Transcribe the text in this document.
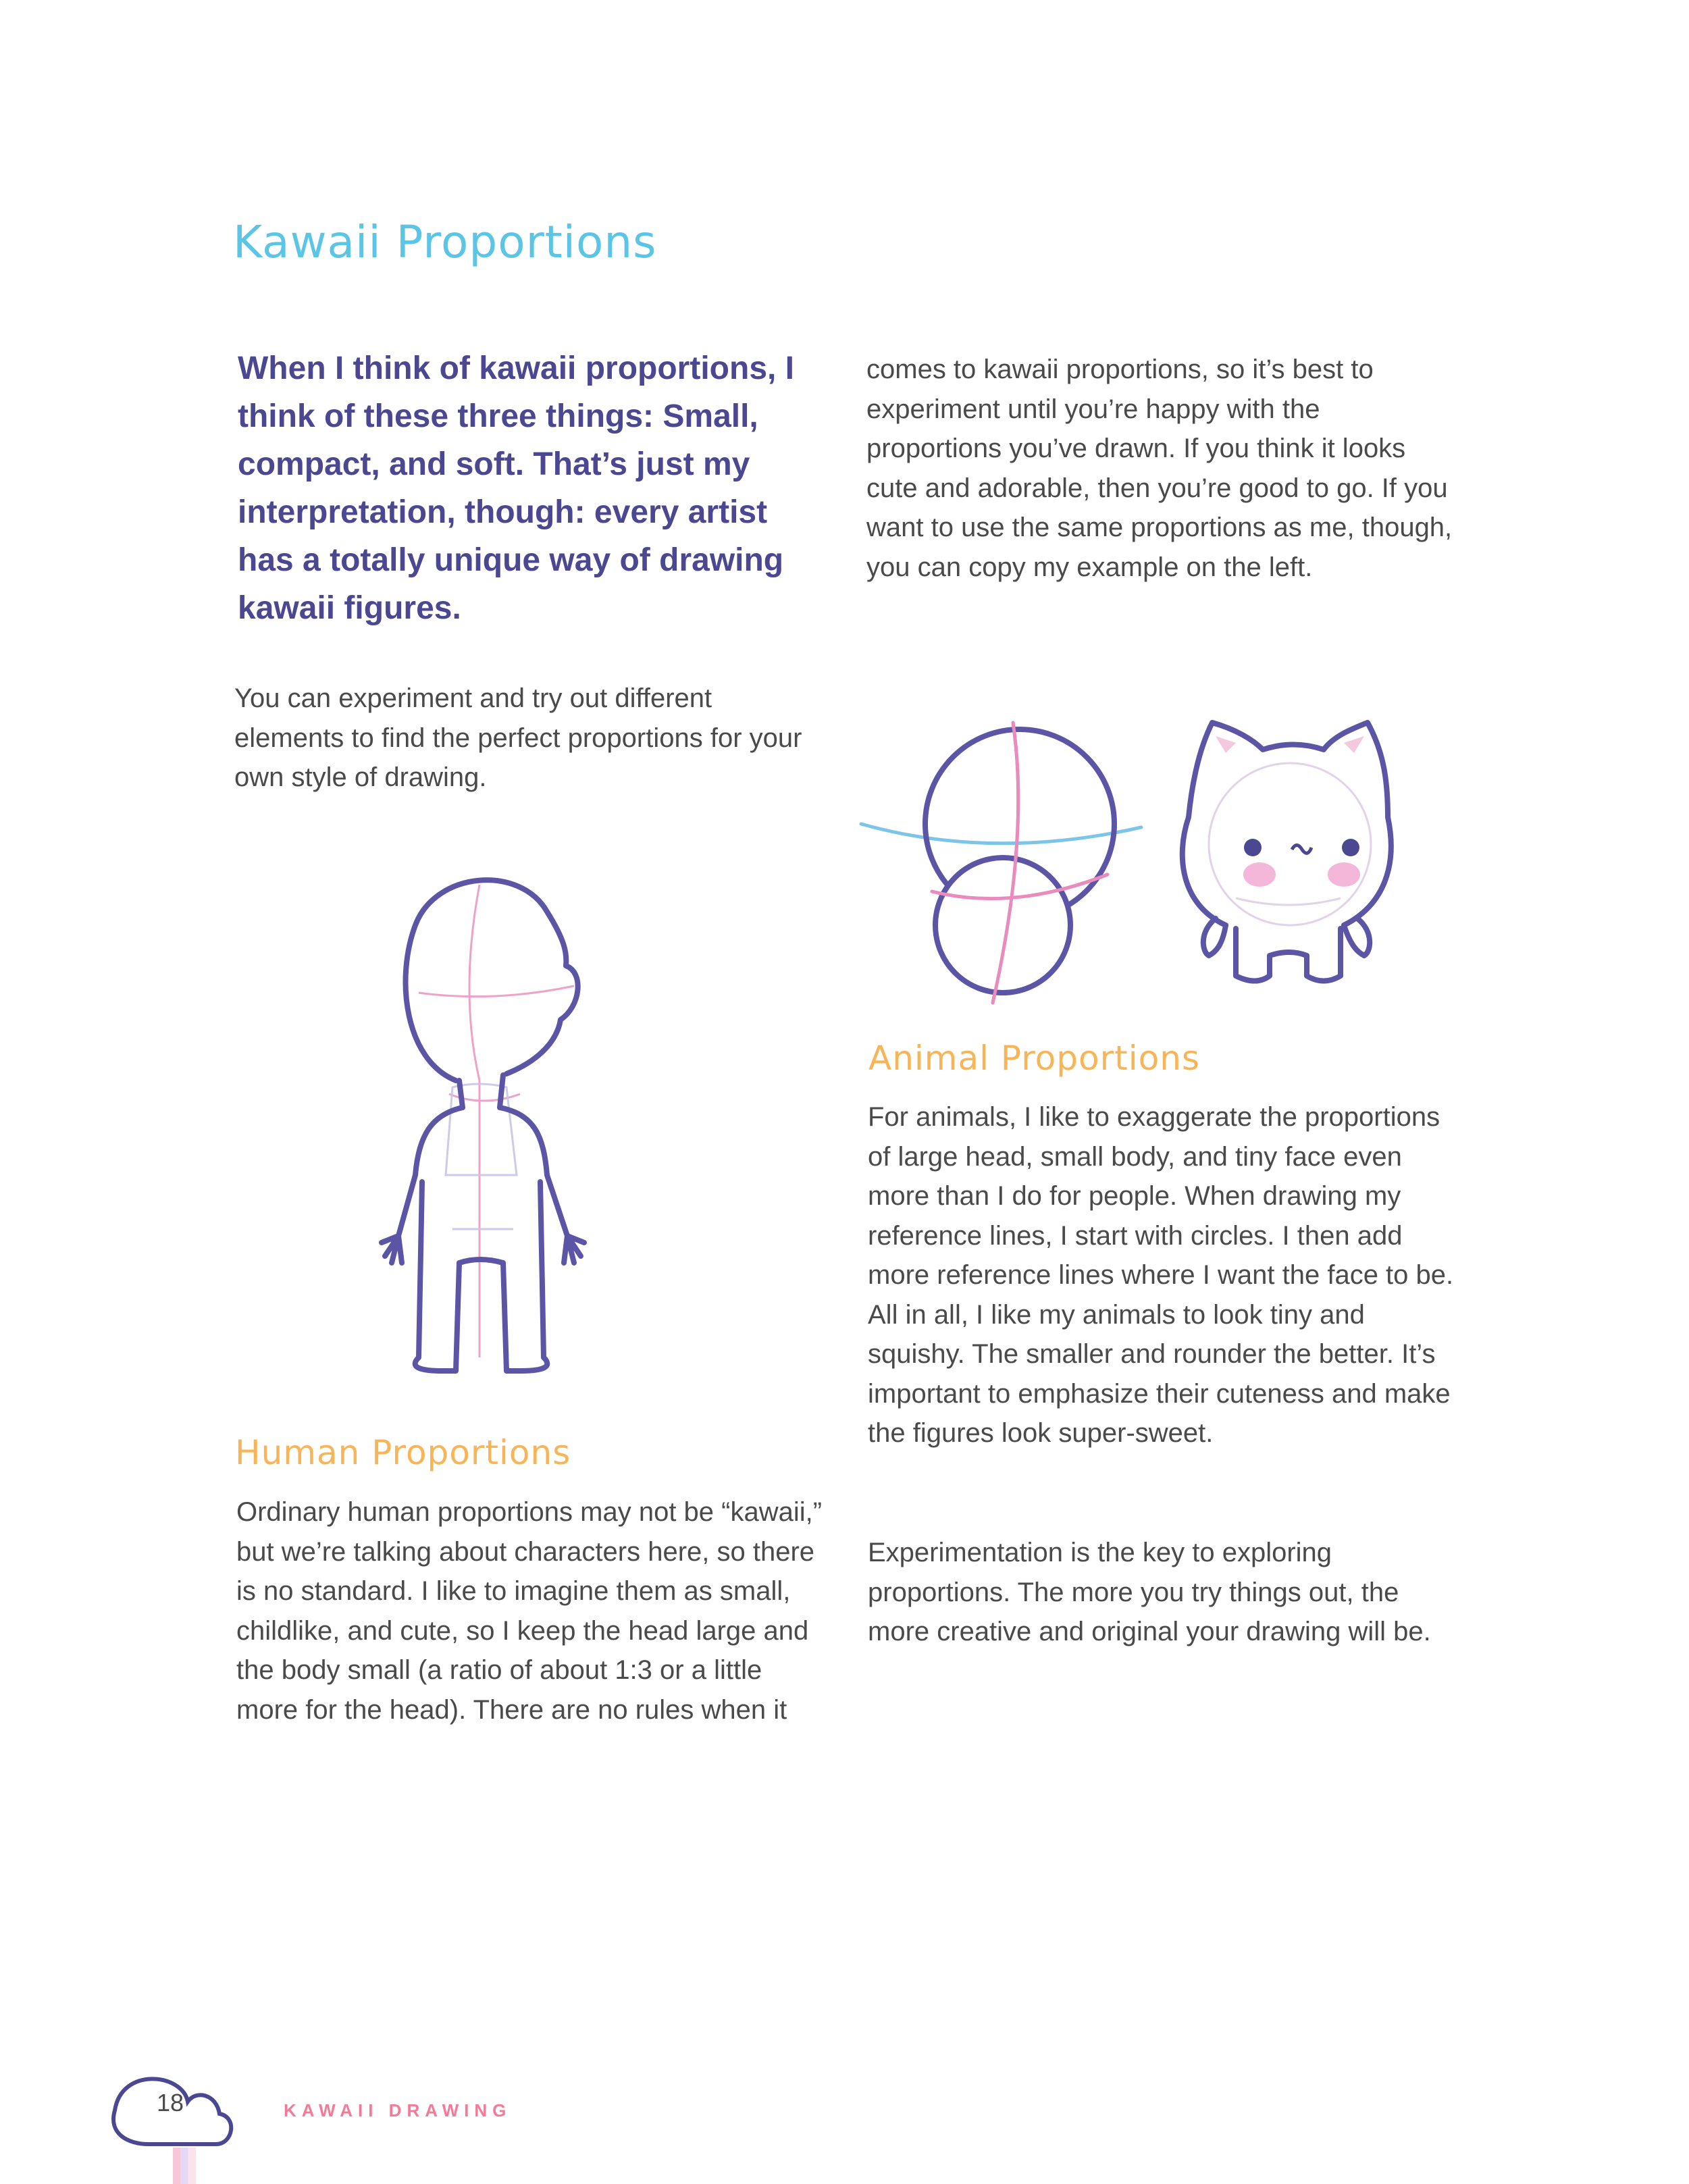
Kawaii Proportions
When I think of kawaii proportions, I think of these three things: Small, compact, and soft. That’s just my interpretation, though: every artist has a totally unique way of drawing kawaii figures.
comes to kawaii proportions, so it’s best to experiment until you’re happy with the proportions you’ve drawn. If you think it looks cute and adorable, then you’re good to go. If you want to use the same proportions as me, though, you can copy my example on the left.
You can experiment and try out different elements to find the perfect proportions for your own style of drawing.
Human Proportions
Ordinary human proportions may not be “kawaii,” but we’re talking about characters here, so there is no standard. I like to imagine them as small, childlike, and cute, so I keep the head large and the body small (a ratio of about 1:3 or a little more for the head). There are no rules when it
Animal Proportions
For animals, I like to exaggerate the proportions of large head, small body, and tiny face even more than I do for people. When drawing my reference lines, I start with circles. I then add more reference lines where I want the face to be. All in all, I like my animals to look tiny and squishy. The smaller and rounder the better. It’s important to emphasize their cuteness and make the figures look super-sweet.
Experimentation is the key to exploring proportions. The more you try things out, the more creative and original your drawing will be.
18	KAWAII DRAWING
